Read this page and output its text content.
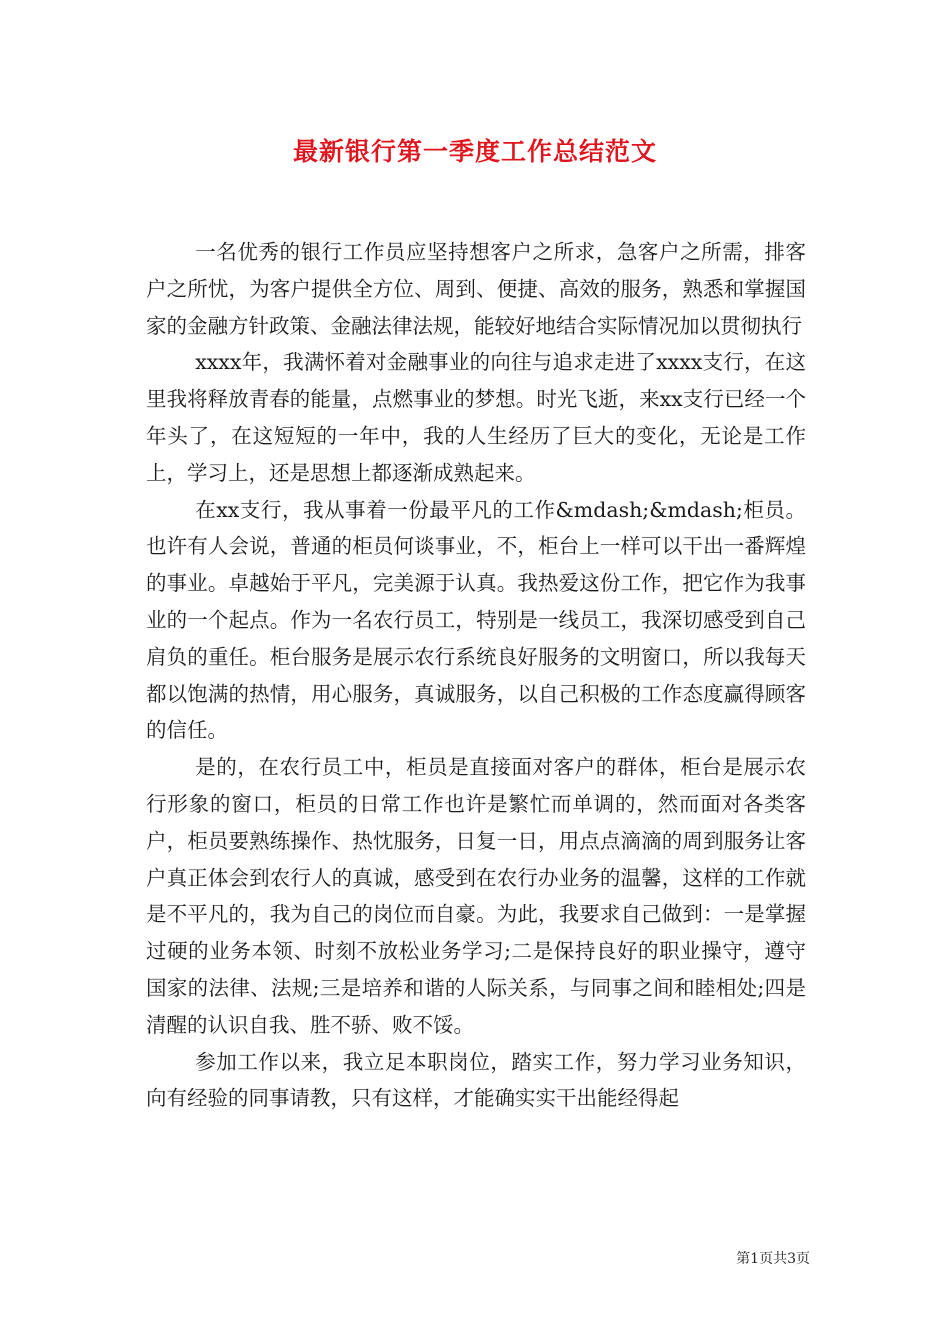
最新银行第一季度工作总结范文

一名优秀的银行工作员应坚持想客户之所求，急客户之所需，排客户之所忧，为客户提供全方位、周到、便捷、高效的服务，熟悉和掌握国家的金融方针政策、金融法律法规，能较好地结合实际情况加以贯彻执行

xxxx年，我满怀着对金融事业的向往与追求走进了xxxx支行，在这里我将释放青春的能量，点燃事业的梦想。时光飞逝，来xx支行已经一个年头了，在这短短的一年中，我的人生经历了巨大的变化，无论是工作上，学习上，还是思想上都逐渐成熟起来。

在xx支行，我从事着一份最平凡的工作&mdash;&mdash;柜员。也许有人会说，普通的柜员何谈事业，不，柜台上一样可以干出一番辉煌的事业。卓越始于平凡，完美源于认真。我热爱这份工作，把它作为我事业的一个起点。作为一名农行员工，特别是一线员工，我深切感受到自己肩负的重任。柜台服务是展示农行系统良好服务的文明窗口，所以我每天都以饱满的热情，用心服务，真诚服务，以自己积极的工作态度赢得顾客的信任。

是的，在农行员工中，柜员是直接面对客户的群体，柜台是展示农行形象的窗口，柜员的日常工作也许是繁忙而单调的，然而面对各类客户，柜员要熟练操作、热忱服务，日复一日，用点点滴滴的周到服务让客户真正体会到农行人的真诚，感受到在农行办业务的温馨，这样的工作就是不平凡的，我为自己的岗位而自豪。为此，我要求自己做到：一是掌握过硬的业务本领、时刻不放松业务学习;二是保持良好的职业操守，遵守国家的法律、法规;三是培养和谐的人际关系，与同事之间和睦相处;四是清醒的认识自我、胜不骄、败不馁。

参加工作以来，我立足本职岗位，踏实工作，努力学习业务知识，向有经验的同事请教，只有这样，才能确实实干出能经得起

第1页共3页
